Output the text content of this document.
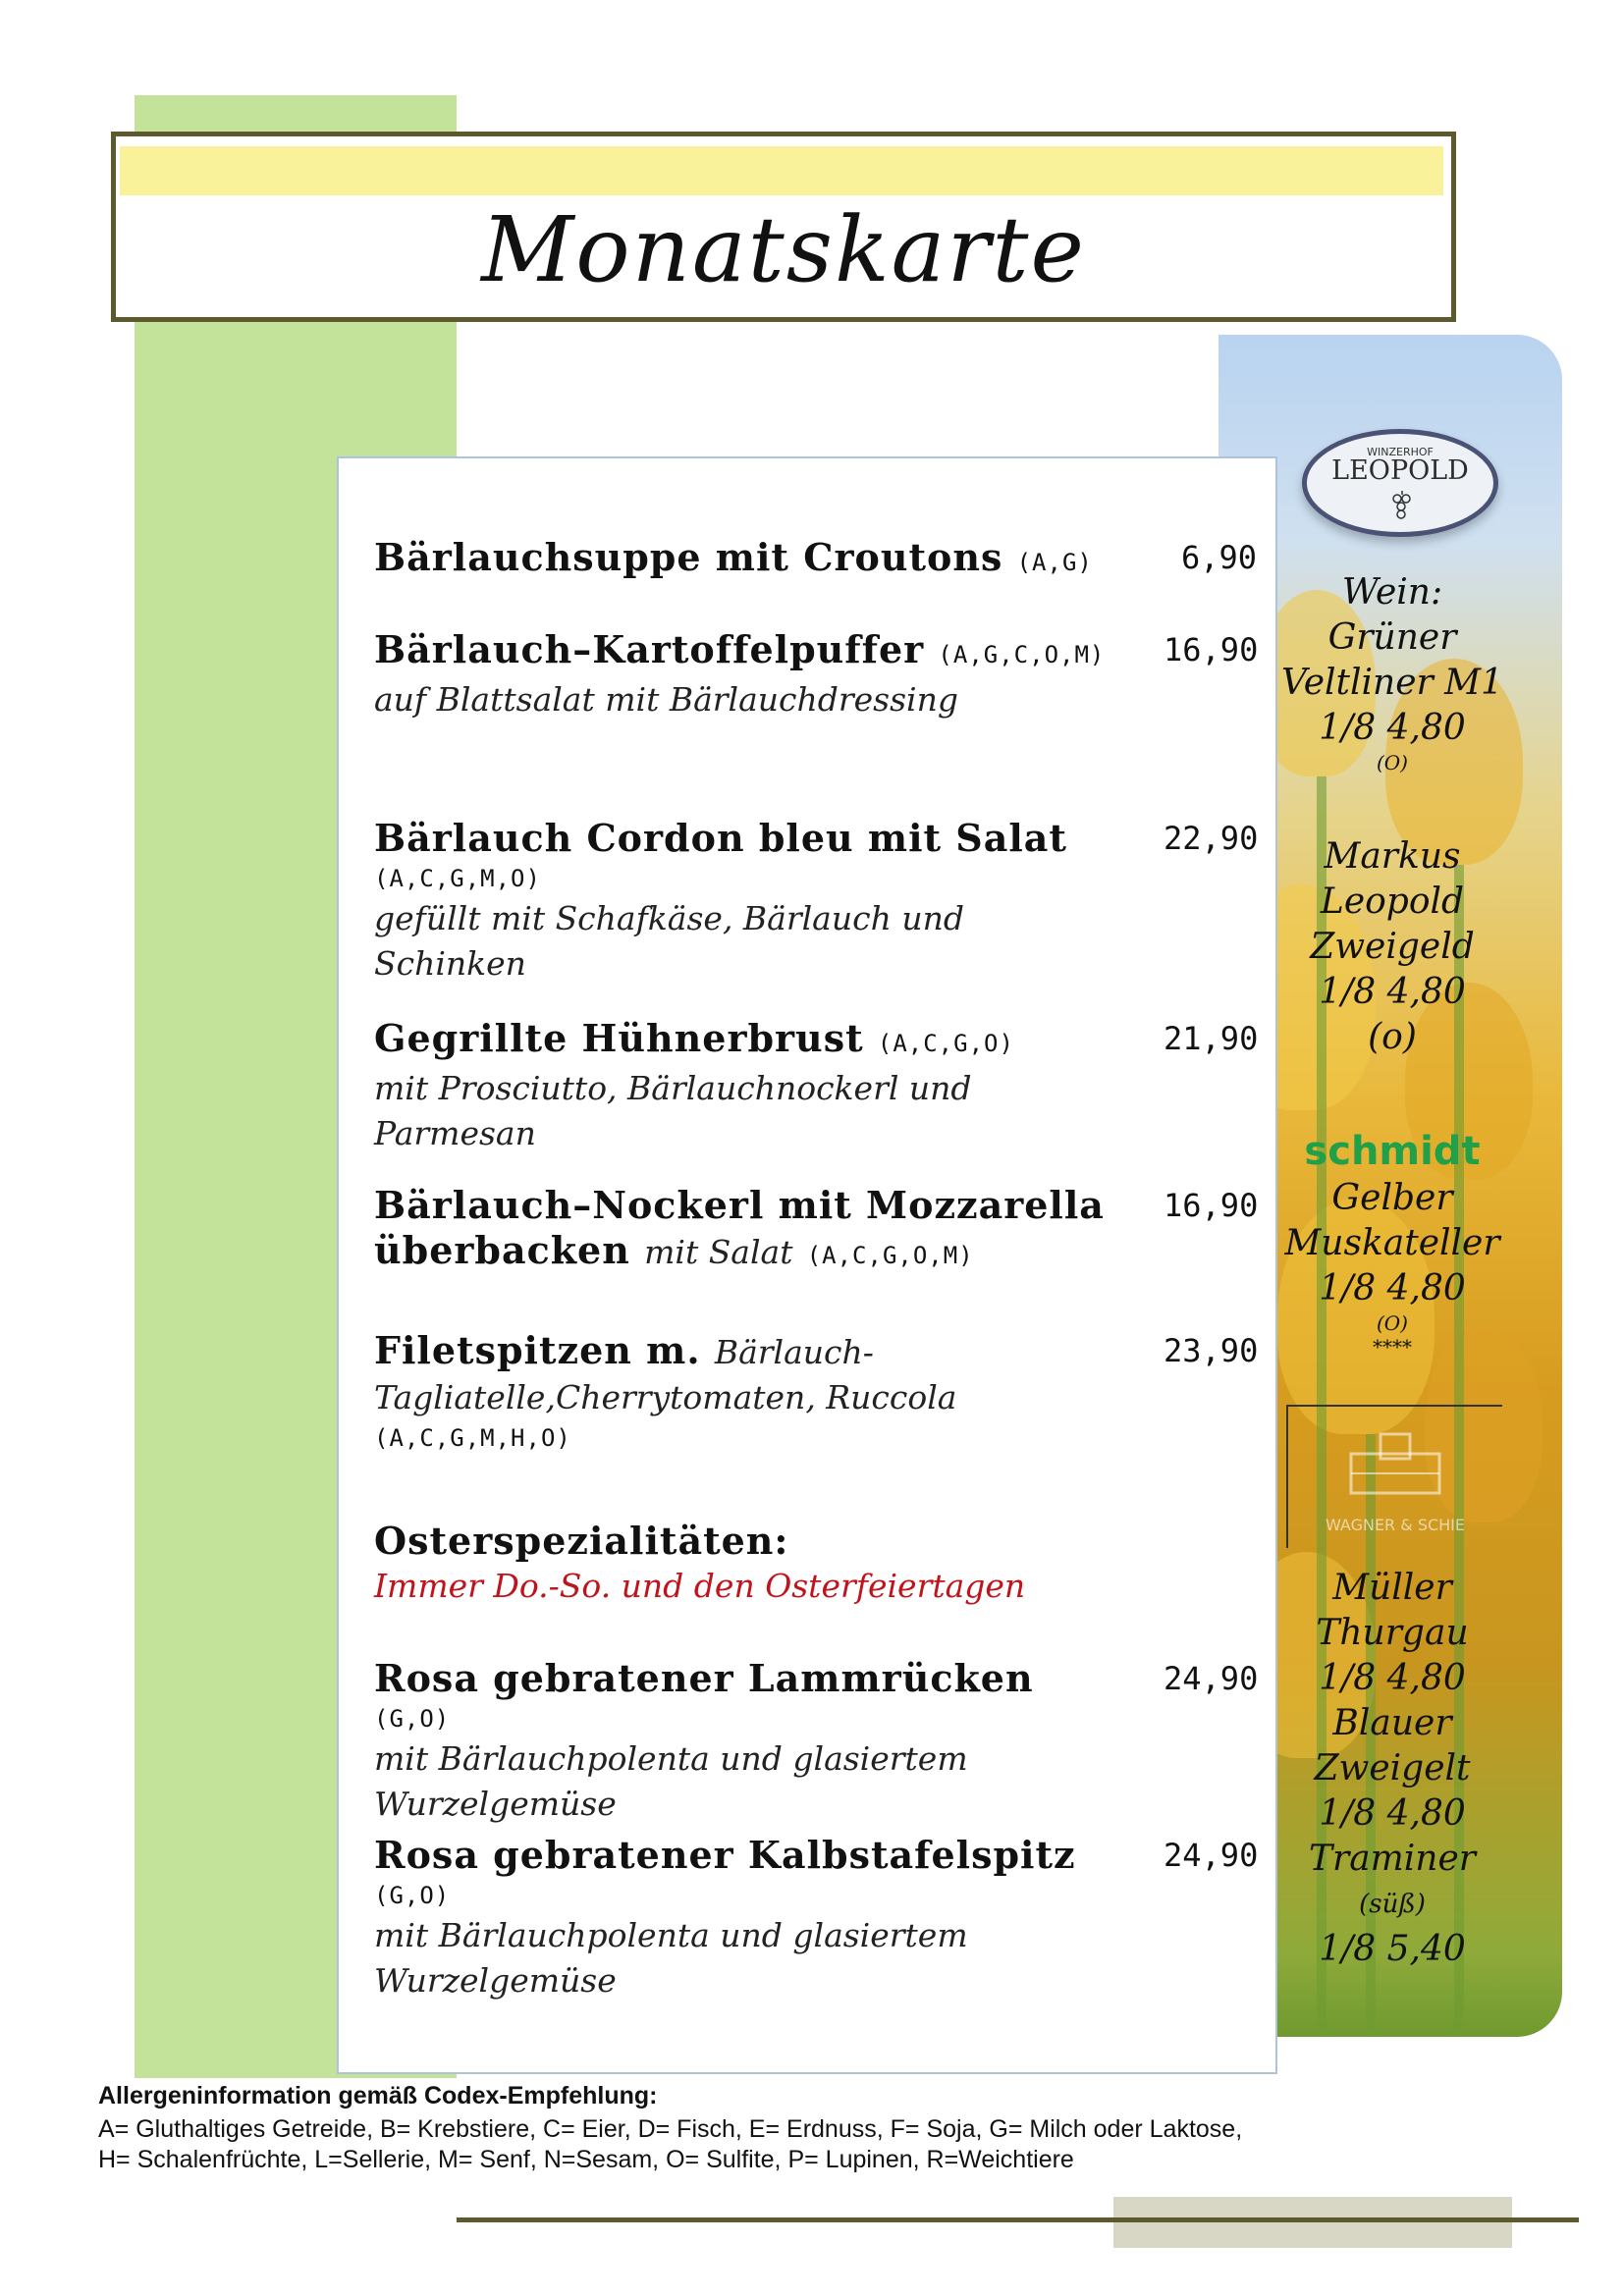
Monatskarte
WINZERHOF
LEOPOLD
Wein:
Grüner
Veltliner M1
1/8 4,80
(O)
Markus
Leopold
Zweigeld
1/8 4,80
(o)
schmidt
Gelber
Muskateller
1/8 4,80
(O)
****
WAGNER & SCHIE
Müller
Thurgau
1/8 4,80
Blauer
Zweigelt
1/8 4,80
Traminer
(süß)
1/8 5,40
Bärlauchsuppe mit Croutons (A,G)	6,90
Bärlauch–Kartoffelpuffer (A,G,C,O,M)
auf Blattsalat mit Bärlauchdressing
16,90
Bärlauch Cordon bleu mit Salat
(A,C,G,M,O)
gefüllt mit Schafkäse, Bärlauch und
Schinken
22,90
Gegrillte Hühnerbrust (A,C,G,O)
mit Prosciutto, Bärlauchnockerl und
Parmesan
21,90
Bärlauch–Nockerl mit Mozzarella
überbacken mit Salat (A,C,G,O,M)
16,90
Filetspitzen m. Bärlauch-
Tagliatelle,Cherrytomaten, Ruccola
(A,C,G,M,H,O)
23,90
Osterspezialitäten:
Immer Do.-So. und den Osterfeiertagen
Rosa gebratener Lammrücken
(G,O)
mit Bärlauchpolenta und glasiertem
Wurzelgemüse
24,90
Rosa gebratener Kalbstafelspitz
(G,O)
mit Bärlauchpolenta und glasiertem
Wurzelgemüse
24,90
Allergeninformation gemäß Codex-Empfehlung:
A= Gluthaltiges Getreide, B= Krebstiere, C= Eier, D= Fisch, E= Erdnuss, F= Soja, G= Milch oder Laktose,
H= Schalenfrüchte, L=Sellerie, M= Senf, N=Sesam, O= Sulfite, P= Lupinen, R=Weichtiere
